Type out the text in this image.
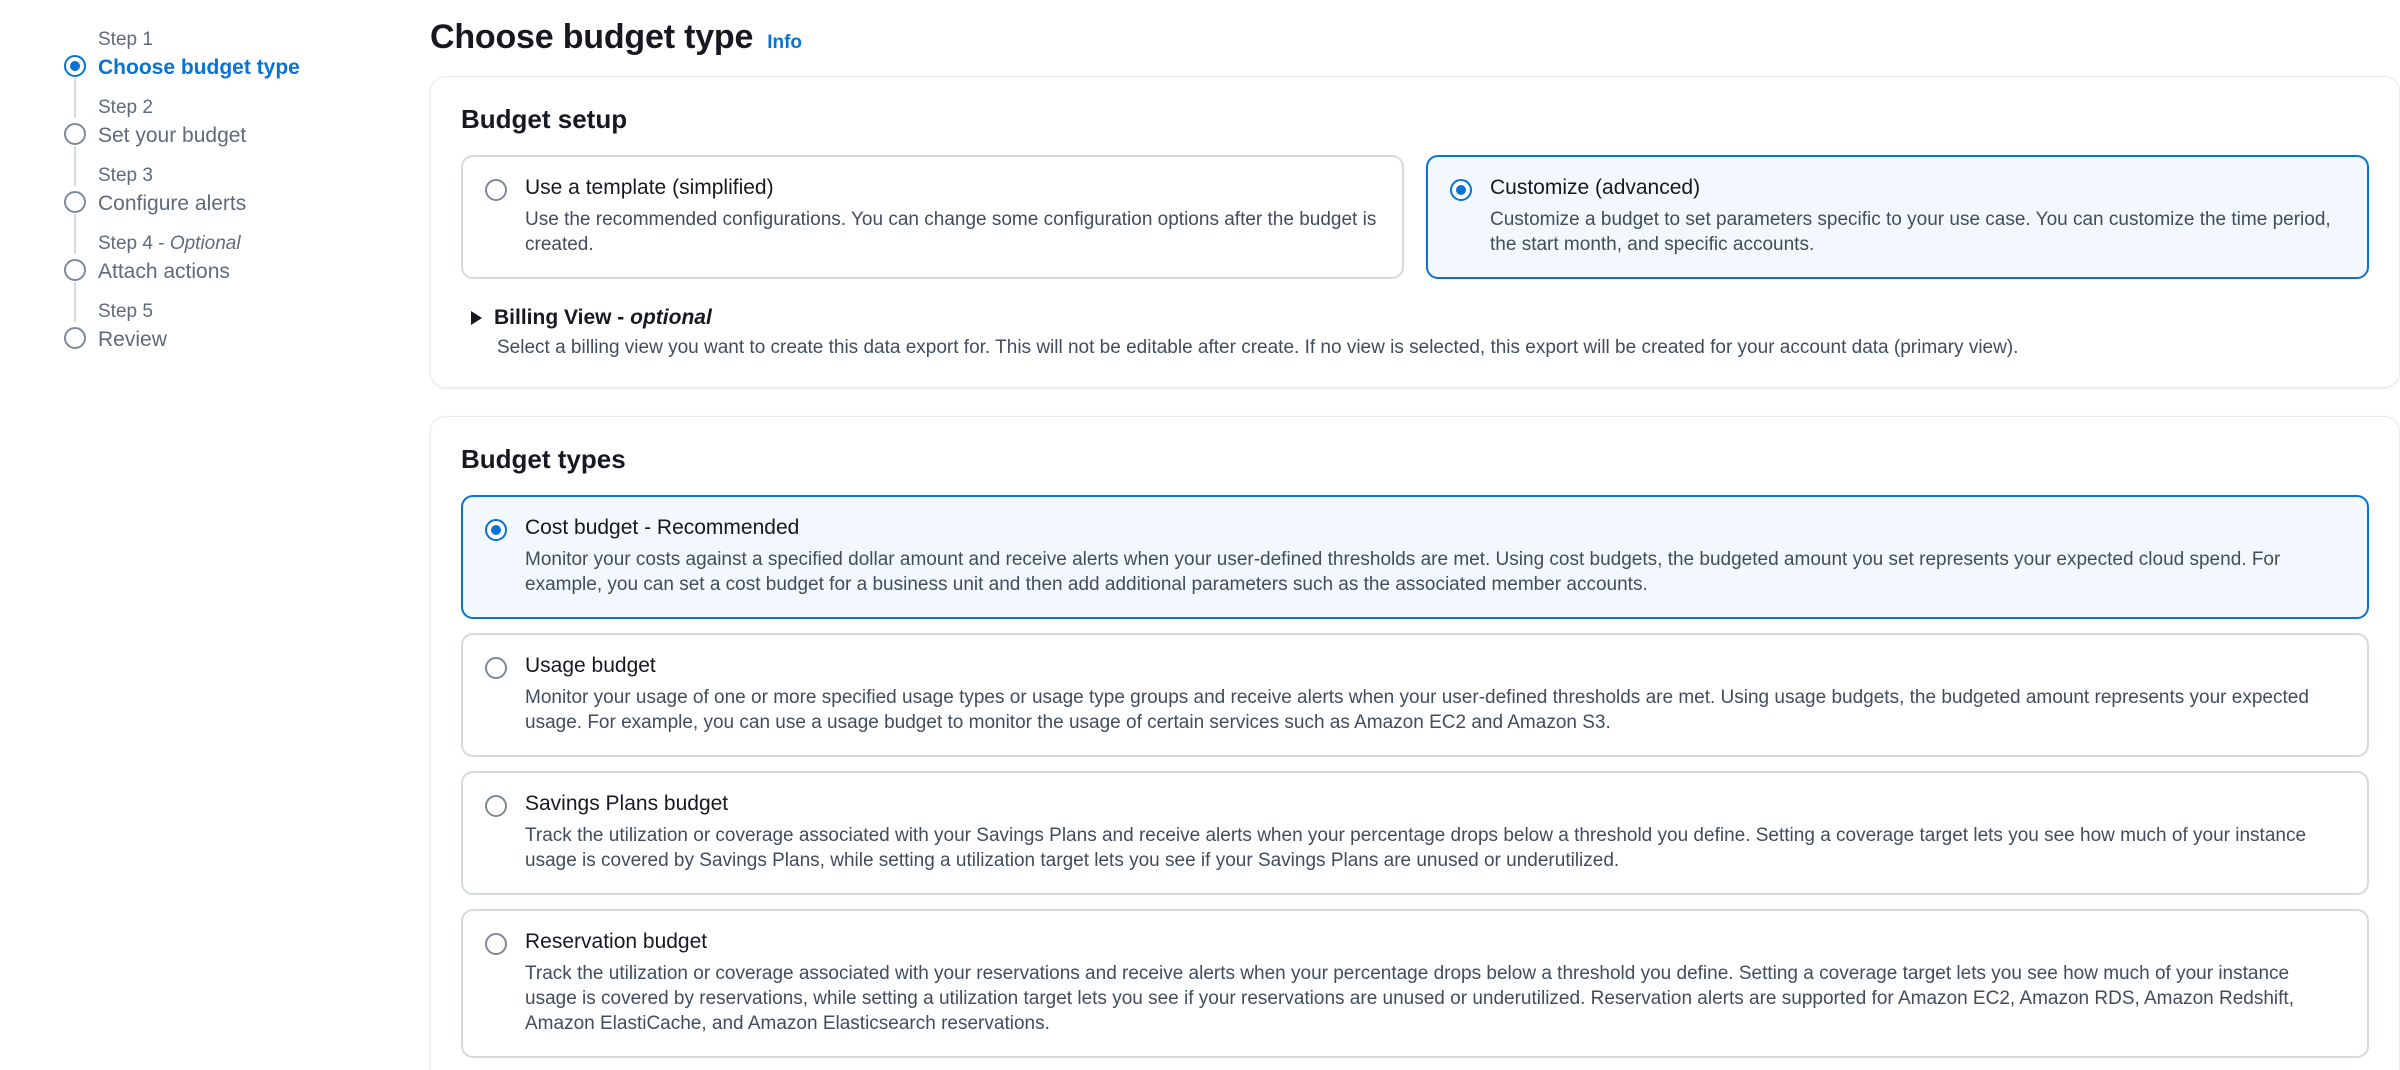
Step 1
Choose budget type
Step 2
Set your budget
Step 3
Configure alerts
Step 4 - Optional
Attach actions
Step 5
Review
Choose budget type Info
Budget setup
Use a template (simplified)
Use the recommended configurations. You can change some configuration options after the budget is created.
Customize (advanced)
Customize a budget to set parameters specific to your use case. You can customize the time period, the start month, and specific accounts.
Billing View - optional
Select a billing view you want to create this data export for. This will not be editable after create. If no view is selected, this export will be created for your account data (primary view).
Budget types
Cost budget - Recommended
Monitor your costs against a specified dollar amount and receive alerts when your user-defined thresholds are met. Using cost budgets, the budgeted amount you set represents your expected cloud spend. For example, you can set a cost budget for a business unit and then add additional parameters such as the associated member accounts.
Usage budget
Monitor your usage of one or more specified usage types or usage type groups and receive alerts when your user-defined thresholds are met. Using usage budgets, the budgeted amount represents your expected usage. For example, you can use a usage budget to monitor the usage of certain services such as Amazon EC2 and Amazon S3.
Savings Plans budget
Track the utilization or coverage associated with your Savings Plans and receive alerts when your percentage drops below a threshold you define. Setting a coverage target lets you see how much of your instance usage is covered by Savings Plans, while setting a utilization target lets you see if your Savings Plans are unused or underutilized.
Reservation budget
Track the utilization or coverage associated with your reservations and receive alerts when your percentage drops below a threshold you define. Setting a coverage target lets you see how much of your instance usage is covered by reservations, while setting a utilization target lets you see if your reservations are unused or underutilized. Reservation alerts are supported for Amazon EC2, Amazon RDS, Amazon Redshift, Amazon ElastiCache, and Amazon Elasticsearch reservations.
